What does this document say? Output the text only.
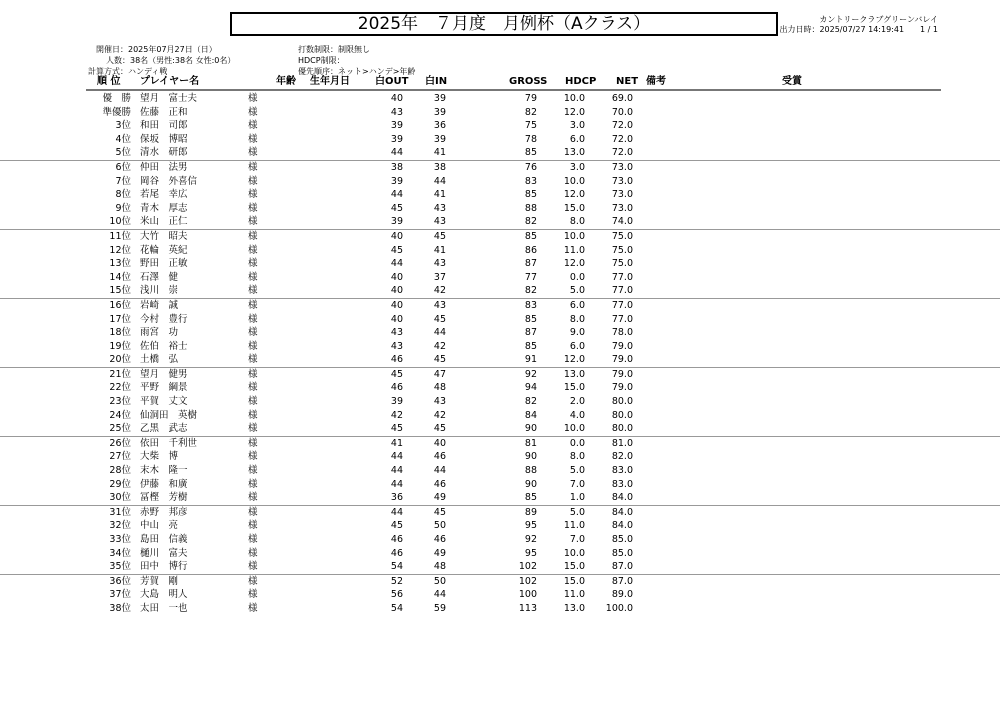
2025年　７月度　月例杯（Aクラス）	カントリークラブグリーンバレイ
出力日時：2025/07/27 14:19:41　　1 / 1
開催日：2025年07月27日（日）
人数：38名（男性:38名 女性:0名）
計算方式：ハンディ戦
打数制限：制限無し
HDCP制限：
優先順序：ネット>ハンデ>年齢
順 位 プレイヤー名	年齢 生年月日	白OUT 白IN	GROSS HDCP NET 備考	受賞
優　勝 望月　富士夫	様	40	39	79	10.0	69.0
準優勝 佐藤　正和	様	43	39	82	12.0	70.0
3位 和田　司郎	様	39	36	75	3.0	72.0
4位 保坂　博昭	様	39	39	78	6.0	72.0
5位 清水　研郎	様	44	41	85	13.0	72.0
6位 仲田　法男	様	38	38	76	3.0	73.0
7位 岡谷　外喜信	様	39	44	83	10.0	73.0
8位 若尾　幸広	様	44	41	85	12.0	73.0
9位 青木　厚志	様	45	43	88	15.0	73.0
10位 米山　正仁	様	39	43	82	8.0	74.0
11位 大竹　昭夫	様	40	45	85	10.0	75.0
12位 花輪　英紀	様	45	41	86	11.0	75.0
13位 野田　正敏	様	44	43	87	12.0	75.0
14位 石澤　健	様	40	37	77	0.0	77.0
15位 浅川　崇	様	40	42	82	5.0	77.0
16位 岩崎　誠	様	40	43	83	6.0	77.0
17位 今村　豊行	様	40	45	85	8.0	77.0
18位 雨宮　功	様	43	44	87	9.0	78.0
19位 佐伯　裕士	様	43	42	85	6.0	79.0
20位 土橋　弘	様	46	45	91	12.0	79.0
21位 望月　健男	様	45	47	92	13.0	79.0
22位 平野　綱景	様	46	48	94	15.0	79.0
23位 平賀　丈文	様	39	43	82	2.0	80.0
24位 仙洞田　英樹	様	42	42	84	4.0	80.0
25位 乙黒　武志	様	45	45	90	10.0	80.0
26位 依田　千利世	様	41	40	81	0.0	81.0
27位 大柴　博	様	44	46	90	8.0	82.0
28位 末木　隆一	様	44	44	88	5.0	83.0
29位 伊藤　和廣	様	44	46	90	7.0	83.0
30位 冨樫　芳樹	様	36	49	85	1.0	84.0
31位 赤野　邦彦	様	44	45	89	5.0	84.0
32位 中山　亮	様	45	50	95	11.0	84.0
33位 島田　信義	様	46	46	92	7.0	85.0
34位 樋川　富夫	様	46	49	95	10.0	85.0
35位 田中　博行	様	54	48	102	15.0	87.0
36位 芳賀　剛	様	52	50	102	15.0	87.0
37位 大島　明人	様	56	44	100	11.0	89.0
38位 太田　一也	様	54	59	113	13.0 100.0
